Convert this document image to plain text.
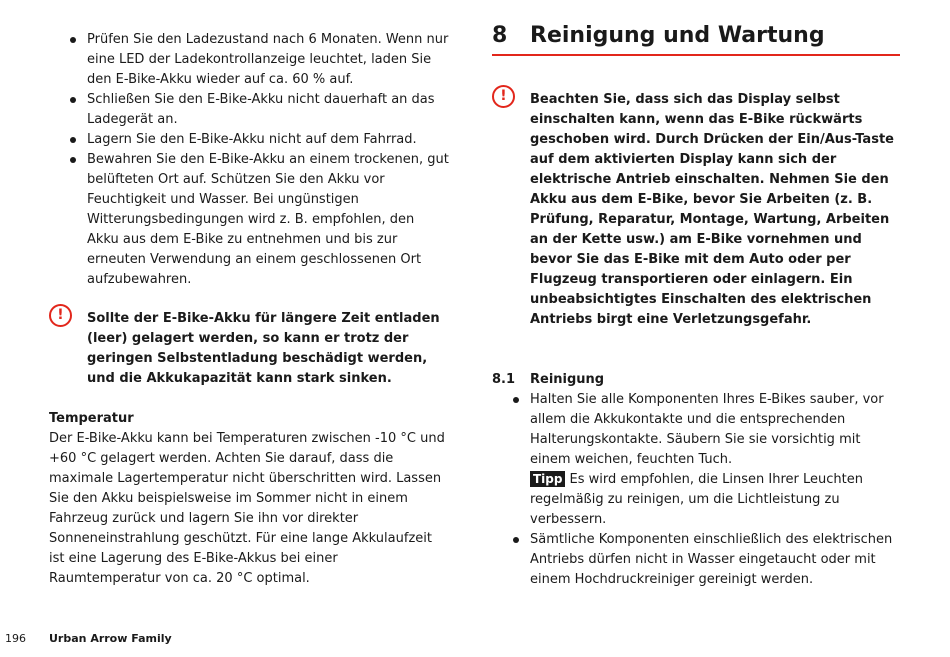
Prüfen Sie den Ladezustand nach 6 Monaten. Wenn nur eine LED der Ladekontrollanzeige leuchtet, laden Sie den E-Bike-Akku wieder auf ca. 60 % auf.
Schließen Sie den E-Bike-Akku nicht dauerhaft an das Ladegerät an.
Lagern Sie den E-Bike-Akku nicht auf dem Fahrrad.
Bewahren Sie den E-Bike-Akku an einem trockenen, gut belüfteten Ort auf. Schützen Sie den Akku vor Feuchtigkeit und Wasser. Bei ungünstigen Witterungsbedingungen wird z. B. empfohlen, den Akku aus dem E-Bike zu entnehmen und bis zur erneuten Verwendung an einem geschlossenen Ort aufzubewahren.
!	Sollte der E-Bike-Akku für längere Zeit entladen (leer) gelagert werden, so kann er trotz der geringen Selbstentladung beschädigt werden, und die Akkukapazität kann stark sinken.
Temperatur
Der E-Bike-Akku kann bei Temperaturen zwischen -10 °C und +60 °C gelagert werden. Achten Sie darauf, dass die maximale Lagertemperatur nicht überschritten wird. Lassen Sie den Akku beispielsweise im Sommer nicht in einem Fahrzeug zurück und lagern Sie ihn vor direkter Sonneneinstrahlung geschützt. Für eine lange Akkulaufzeit ist eine Lagerung des E-Bike-Akkus bei einer Raumtemperatur von ca. 20 °C optimal.
8 Reinigung und Wartung
!	Beachten Sie, dass sich das Display selbst einschalten kann, wenn das E-Bike rückwärts geschoben wird. Durch Drücken der Ein/Aus-Taste auf dem aktivierten Display kann sich der elektrische Antrieb einschalten. Nehmen Sie den Akku aus dem E-Bike, bevor Sie Arbeiten (z. B. Prüfung, Reparatur, Montage, Wartung, Arbeiten an der Kette usw.) am E-Bike vornehmen und bevor Sie das E-Bike mit dem Auto oder per Flugzeug transportieren oder einlagern. Ein unbeabsichtigtes Einschalten des elektrischen Antriebs birgt eine Verletzungsgefahr.
8.1 Reinigung
Halten Sie alle Komponenten Ihres E-Bikes sauber, vor allem die Akkukontakte und die entsprechenden Halterungskontakte. Säubern Sie sie vorsichtig mit einem weichen, feuchten Tuch.
Tipp Es wird empfohlen, die Linsen Ihrer Leuchten regelmäßig zu reinigen, um die Lichtleistung zu verbessern.
Sämtliche Komponenten einschließlich des elektrischen Antriebs dürfen nicht in Wasser eingetaucht oder mit einem Hochdruckreiniger gereinigt werden.
196	Urban Arrow Family
